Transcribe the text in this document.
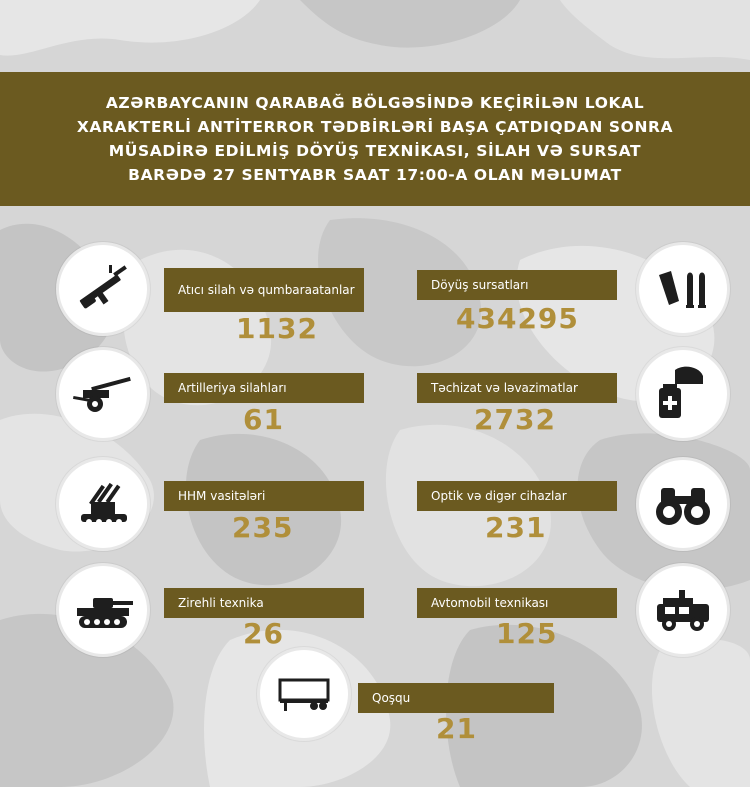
AZƏRBAYCANIN QARABAĞ BÖLGƏSİNDƏ KEÇİRİLƏN LOKAL
XARAKTERLİ ANTİTERROR TƏDBİRLƏRİ BAŞA ÇATDIQDAN SONRA
MÜSADİRƏ EDİLMİŞ DÖYÜŞ TEXNİKASI, SİLAH VƏ SURSAT
BARƏDƏ 27 SENTYABR SAAT 17:00-A OLAN MƏLUMAT
Atıcı silah və qumbaraatanlar
1132
Döyüş sursatları
434295
Artilleriya silahları
61
Təchizat və ləvazimatlar
2732
HHM vasitələri
235
Optik və digər cihazlar
231
Zirehli texnika
26
Avtomobil texnikası
125
Qoşqu
21
